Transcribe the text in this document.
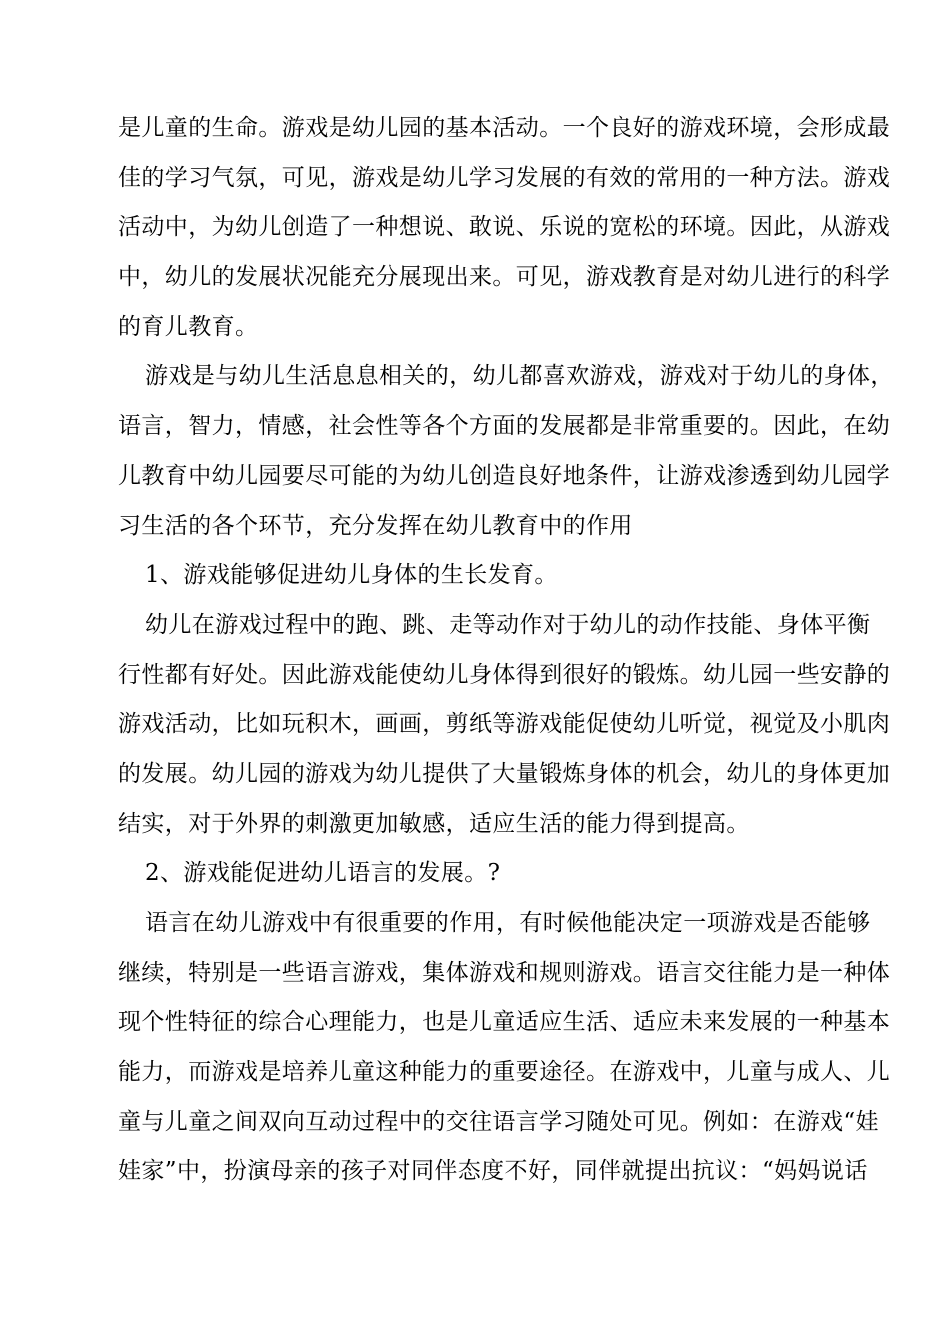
是儿童的生命。游戏是幼儿园的基本活动。一个良好的游戏环境，会形成最
佳的学习气氛，可见，游戏是幼儿学习发展的有效的常用的一种方法。游戏
活动中，为幼儿创造了一种想说、敢说、乐说的宽松的环境。因此，从游戏
中，幼儿的发展状况能充分展现出来。可见，游戏教育是对幼儿进行的科学
的育儿教育。
游戏是与幼儿生活息息相关的，幼儿都喜欢游戏，游戏对于幼儿的身体，
语言，智力，情感，社会性等各个方面的发展都是非常重要的。因此，在幼
儿教育中幼儿园要尽可能的为幼儿创造良好地条件，让游戏渗透到幼儿园学
习生活的各个环节，充分发挥在幼儿教育中的作用
1、游戏能够促进幼儿身体的生长发育。
幼儿在游戏过程中的跑、跳、走等动作对于幼儿的动作技能、身体平衡
行性都有好处。因此游戏能使幼儿身体得到很好的锻炼。幼儿园一些安静的
游戏活动，比如玩积木，画画，剪纸等游戏能促使幼儿听觉，视觉及小肌肉
的发展。幼儿园的游戏为幼儿提供了大量锻炼身体的机会，幼儿的身体更加
结实，对于外界的刺激更加敏感，适应生活的能力得到提高。
2、游戏能促进幼儿语言的发展。?
语言在幼儿游戏中有很重要的作用，有时候他能决定一项游戏是否能够
继续，特别是一些语言游戏，集体游戏和规则游戏。语言交往能力是一种体
现个性特征的综合心理能力，也是儿童适应生活、适应未来发展的一种基本
能力，而游戏是培养儿童这种能力的重要途径。在游戏中，儿童与成人、儿
童与儿童之间双向互动过程中的交往语言学习随处可见。例如：在游戏“娃
娃家”中，扮演母亲的孩子对同伴态度不好，同伴就提出抗议：“妈妈说话
